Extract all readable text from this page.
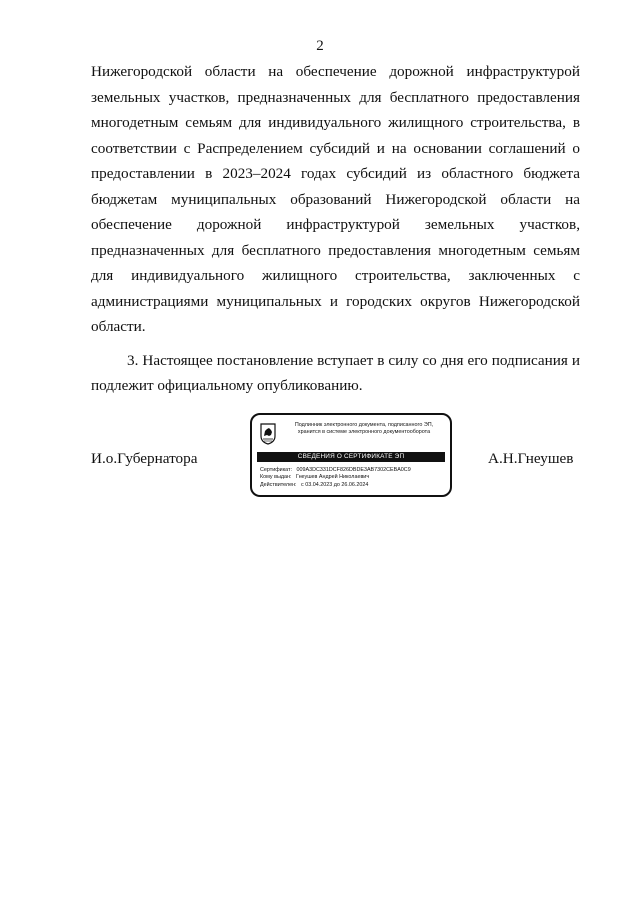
2

Нижегородской области на обеспечение дорожной инфраструктурой земельных участков, предназначенных для бесплатного предоставления многодетным семьям для индивидуального жилищного строительства, в соответствии с Распределением субсидий и на основании соглашений о предоставлении в 2023–2024 годах субсидий из областного бюджета бюджетам муниципальных образований Нижегородской области на обеспечение дорожной инфраструктурой земельных участков, предназначенных для бесплатного предоставления многодетным семьям для индивидуального жилищного строительства, заключенных с администрациями муниципальных и городских округов Нижегородской области.

3. Настоящее постановление вступает в силу со дня его подписания и подлежит официальному опубликованию.

И.о.Губернатора
Подлинник электронного документа, подписанного ЭП,
хранится в системе электронного документооборота
СВЕДЕНИЯ О СЕРТИФИКАТЕ ЭП
Сертификат: 009A3DC331DCF826DBDE3AB7302CEBA0C9
Кому выдан: Гнеушев Андрей Николаевич
Действителен: с 03.04.2023 до 26.06.2024
А.Н.Гнеушев
